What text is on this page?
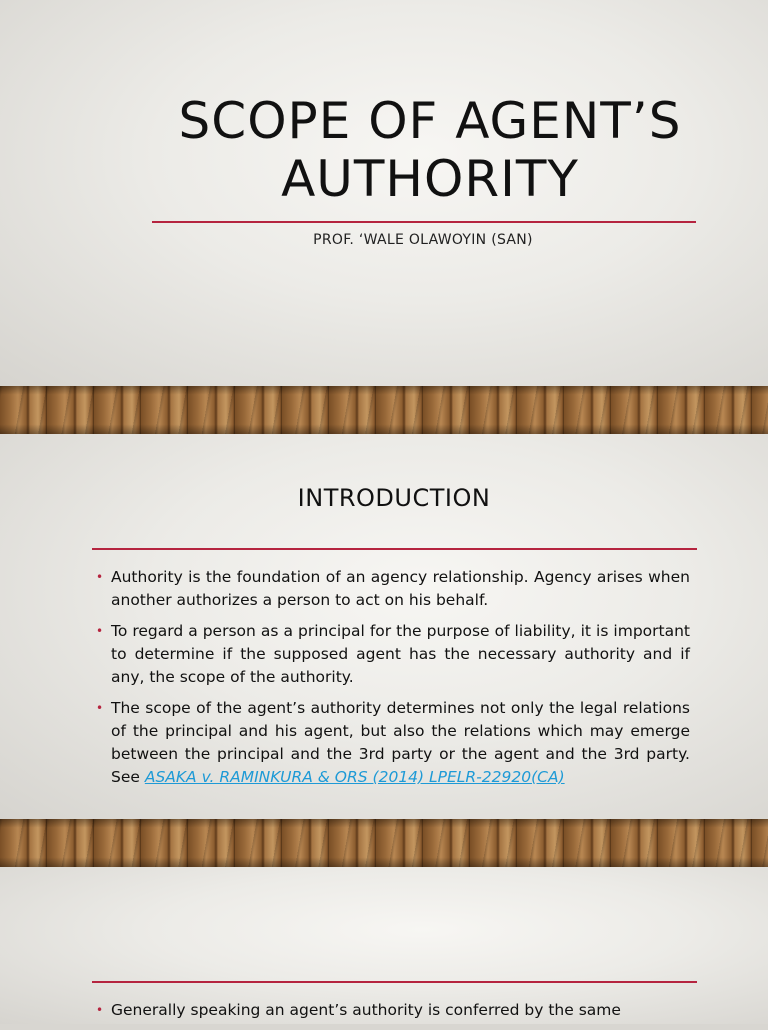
SCOPE OF AGENT’S
AUTHORITY
PROF. ‘WALE OLAWOYIN (SAN)
INTRODUCTION
• Authority is the foundation of an agency relationship. Agency arises when another authorizes a person to act on his behalf.
• To regard a person as a principal for the purpose of liability, it is important to determine if the supposed agent has the necessary authority and if any, the scope of the authority.
• The scope of the agent’s authority determines not only the legal relations of the principal and his agent, but also the relations which may emerge between the principal and the 3rd party or the agent and the 3rd party. See ASAKA v. RAMINKURA & ORS (2014) LPELR-22920(CA)
• Generally speaking an agent’s authority is conferred by the same
